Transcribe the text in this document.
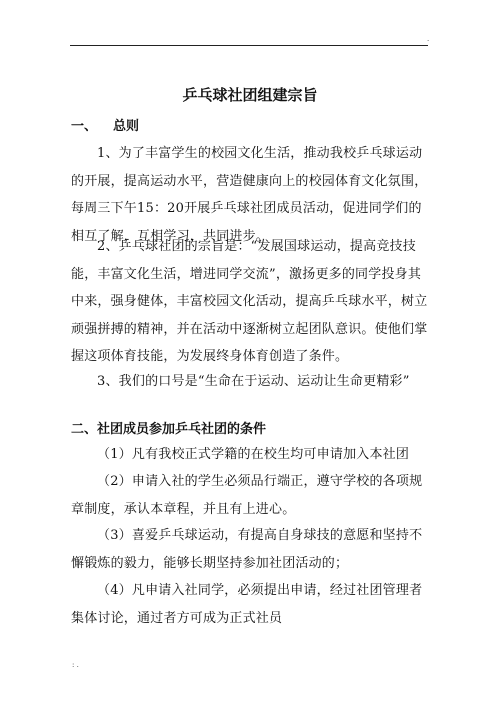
.
乒乓球社团组建宗旨
一、 总则

1、为了丰富学生的校园文化生活，推动我校乒乓球运动的开展，提高运动水平，营造健康向上的校园体育文化氛围，每周三下午15：20开展乒乓球社团成员活动，促进同学们的相互了解，互相学习，共同进步。

2、乒乓球社团的宗旨是：“发展国球运动，提高竞技技能，丰富文化生活，增进同学交流”，激扬更多的同学投身其中来，强身健体，丰富校园文化活动，提高乒乓球水平，树立顽强拼搏的精神，并在活动中逐渐树立起团队意识。使他们掌握这项体育技能，为发展终身体育创造了条件。

3、我们的口号是“生命在于运动、运动让生命更精彩”

二、社团成员参加乒乓社团的条件

（1）凡有我校正式学籍的在校生均可申请加入本社团

（2）申请入社的学生必须品行端正，遵守学校的各项规章制度，承认本章程，并且有上进心。

（3）喜爱乒乓球运动，有提高自身球技的意愿和坚持不懈锻炼的毅力，能够长期坚持参加社团活动的；

（4）凡申请入社同学，必须提出申请，经过社团管理者集体讨论，通过者方可成为正式社员

: .
